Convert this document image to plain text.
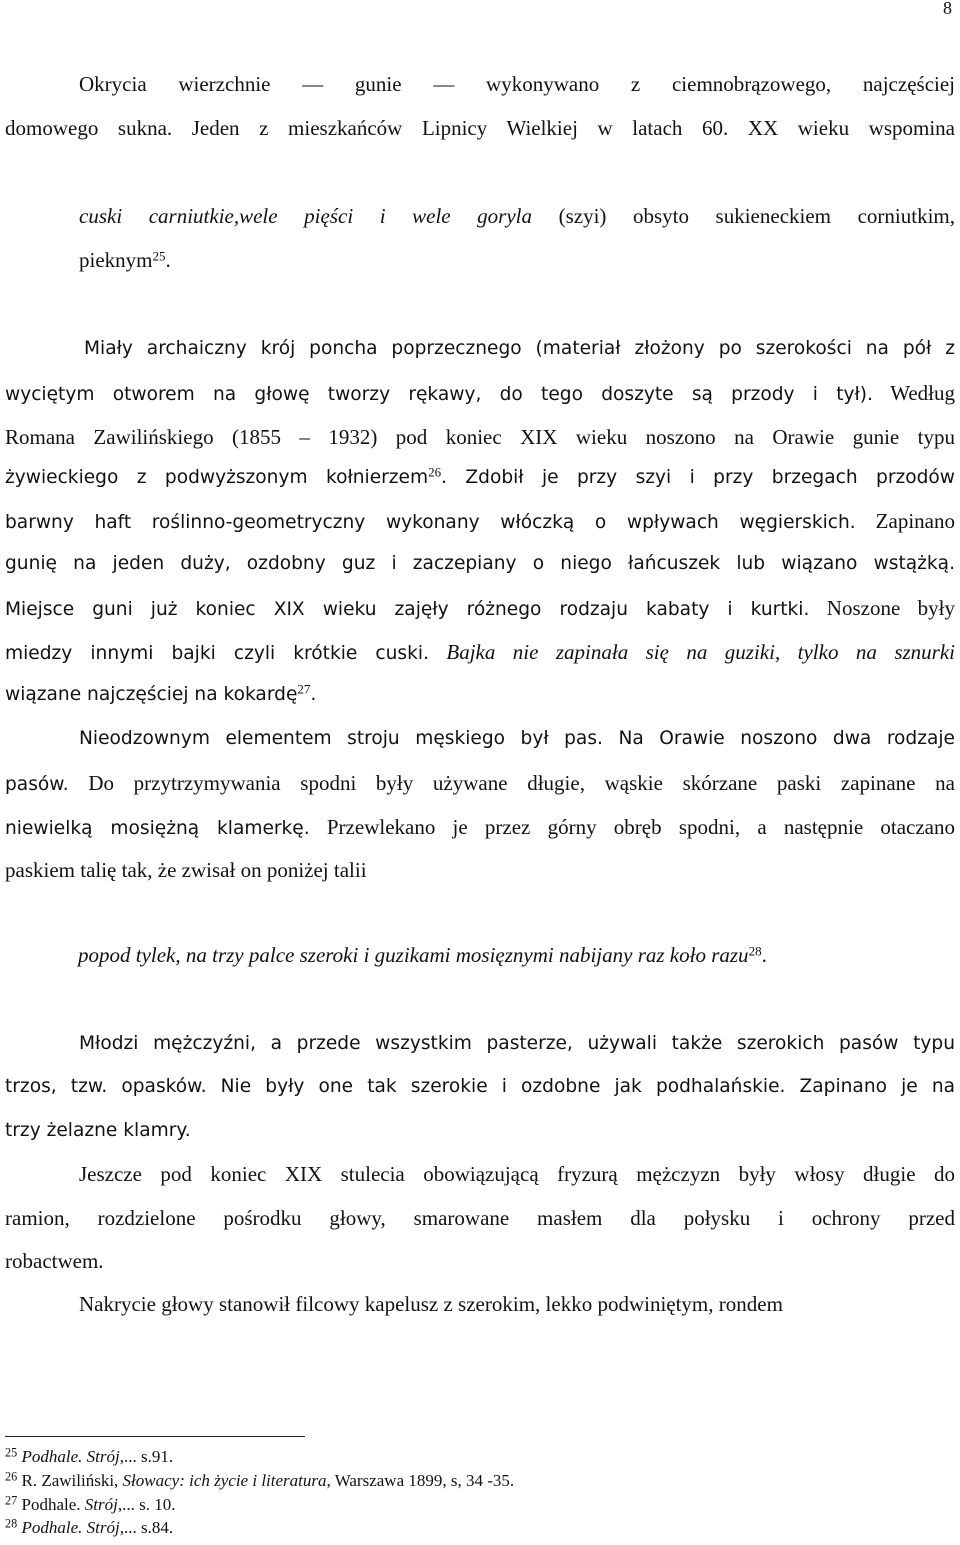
8
Okrycia wierzchnie — gunie — wykonywano z ciemnobrązowego, najczęściej
domowego sukna. Jeden z mieszkańców Lipnicy Wielkiej w latach 60. XX wieku wspomina
cuski carniutkie,wele pięści i wele goryla (szyi) obsyto sukieneckiem corniutkim,
pieknym$^{25}$.
Miały archaiczny krój poncha poprzecznego (materiał złożony po szerokości na pół z
wyciętym otworem na głowę tworzy rękawy, do tego doszyte są przody i tył). Według
Romana Zawilińskiego (1855 – 1932) pod koniec XIX wieku noszono na Orawie gunie typu
żywieckiego z podwyższonym kołnierzem$^{26}$. Zdobił je przy szyi i przy brzegach przodów
barwny haft roślinno-geometryczny wykonany włóczką o wpływach węgierskich. Zapinano
gunię na jeden duży, ozdobny guz i zaczepiany o niego łańcuszek lub wiązano wstążką.
Miejsce guni już koniec XIX wieku zajęły różnego rodzaju kabaty i kurtki. Noszone były
miedzy innymi bajki czyli krótkie cuski. Bajka nie zapinała się na guziki, tylko na sznurki
wiązane najczęściej na kokardę$^{27}$.
Nieodzownym elementem stroju męskiego był pas. Na Orawie noszono dwa rodzaje
pasów. Do przytrzymywania spodni były używane długie, wąskie skórzane paski zapinane na
niewielką mosiężną klamerkę. Przewlekano je przez górny obręb spodni, a następnie otaczano
paskiem talię tak, że zwisał on poniżej talii
popod tylek, na trzy palce szeroki i guzikami mosięznymi nabijany raz koło razu$^{28}$.
Młodzi mężczyźni, a przede wszystkim pasterze, używali także szerokich pasów typu
trzos, tzw. opasków. Nie były one tak szerokie i ozdobne jak podhalańskie. Zapinano je na
trzy żelazne klamry.
Jeszcze pod koniec XIX stulecia obowiązującą fryzurą mężczyzn były włosy długie do
ramion, rozdzielone pośrodku głowy, smarowane masłem dla połysku i ochrony przed
robactwem.
Nakrycie głowy stanowił filcowy kapelusz z szerokim, lekko podwiniętym, rondem
$^{25}$ Podhale. Strój,... s.91.
$^{26}$ R. Zawiliński, Słowacy: ich życie i literatura, Warszawa 1899, s, 34 -35.
$^{27}$ Podhale. Strój,... s. 10.
$^{28}$ Podhale. Strój,... s.84.
